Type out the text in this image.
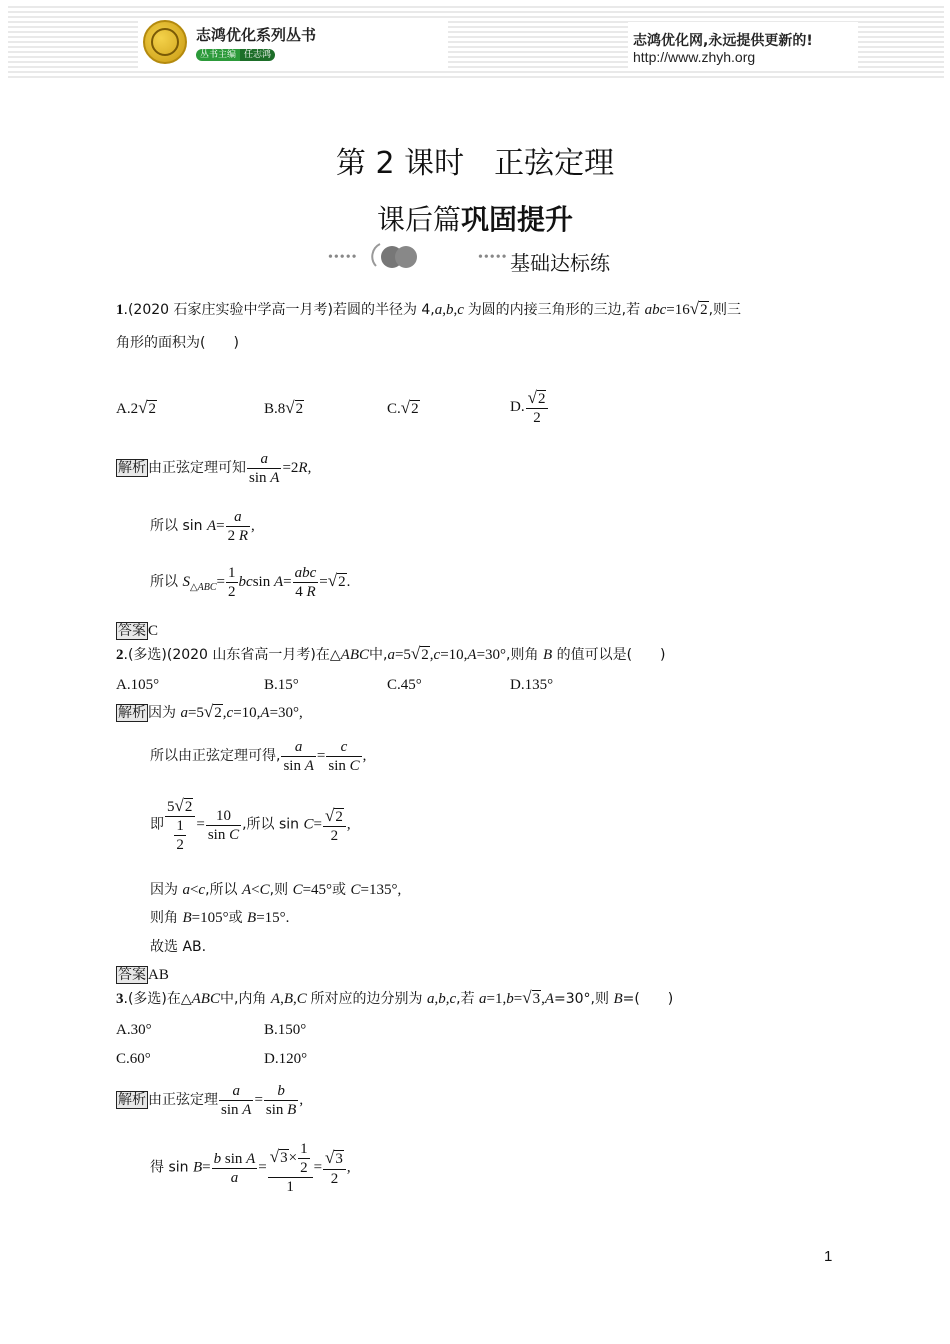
志鸿优化系列丛书
丛书主编 任志鸿
志鸿优化网,永远提供更新的!
http://www.zhyh.org
第 2 课时　正弦定理
课后篇巩固提升
•••••	••••• 基础达标练
1.(2020 石家庄实验中学高一月考)若圆的半径为 4,a,b,c 为圆的内接三角形的三边,若 abc=16√2,则三
角形的面积为(　　)
A.2√2	B.8√2	C.√2	D. $\frac{√2}{2}$
解析 由正弦定理可知 $\frac{a}{\text{sin A}} =2R$,
所以 $\sin A= \frac{a}{2 R}$ ,
所以 $S_{\triangle ABC}= \frac{1}{2}$ bcsin $A= \frac{\text{abc}}{4 R} =√2$.
答案 C
2.(多选)(2020 山东省高一月考)在△ABC中,a=5√2,c=10,A=30°,则角 B 的值可以是(　　)
A.105°	B.15°	C.45°	D.135°
解析 因为 a=5√2,c=10,A=30°,
所以由正弦定理可得, $\frac{a}{\text{sin A}} = \frac{c}{\text{sin C}}$ ,
即 $\frac{5√2}{\frac{1}{2}} = \frac{10}{\text{sin C}}$ ,所以 $\sin C= \frac{√2}{2}$ ,
因为 a<c,所以 A<C,则 C=45°或 C=135°,
则角 B=105°或 B=15°.
故选 AB.
答案 AB
3.(多选)在△ABC中,内角 A,B,C 所对应的边分别为 a,b,c,若 a=1,b=√3,A=30°,则 B=(　　)
A.30°	B.150°
C.60°	D.120°
解析 由正弦定理 $\frac{a}{\text{sin A}} = \frac{b}{\text{sin B}}$ ,
得 $\sin B= \frac{\text{b sin A}}{a} = \frac{√3\times \frac{1}{2}}{1} = \frac{√3}{2}$ ,
1
